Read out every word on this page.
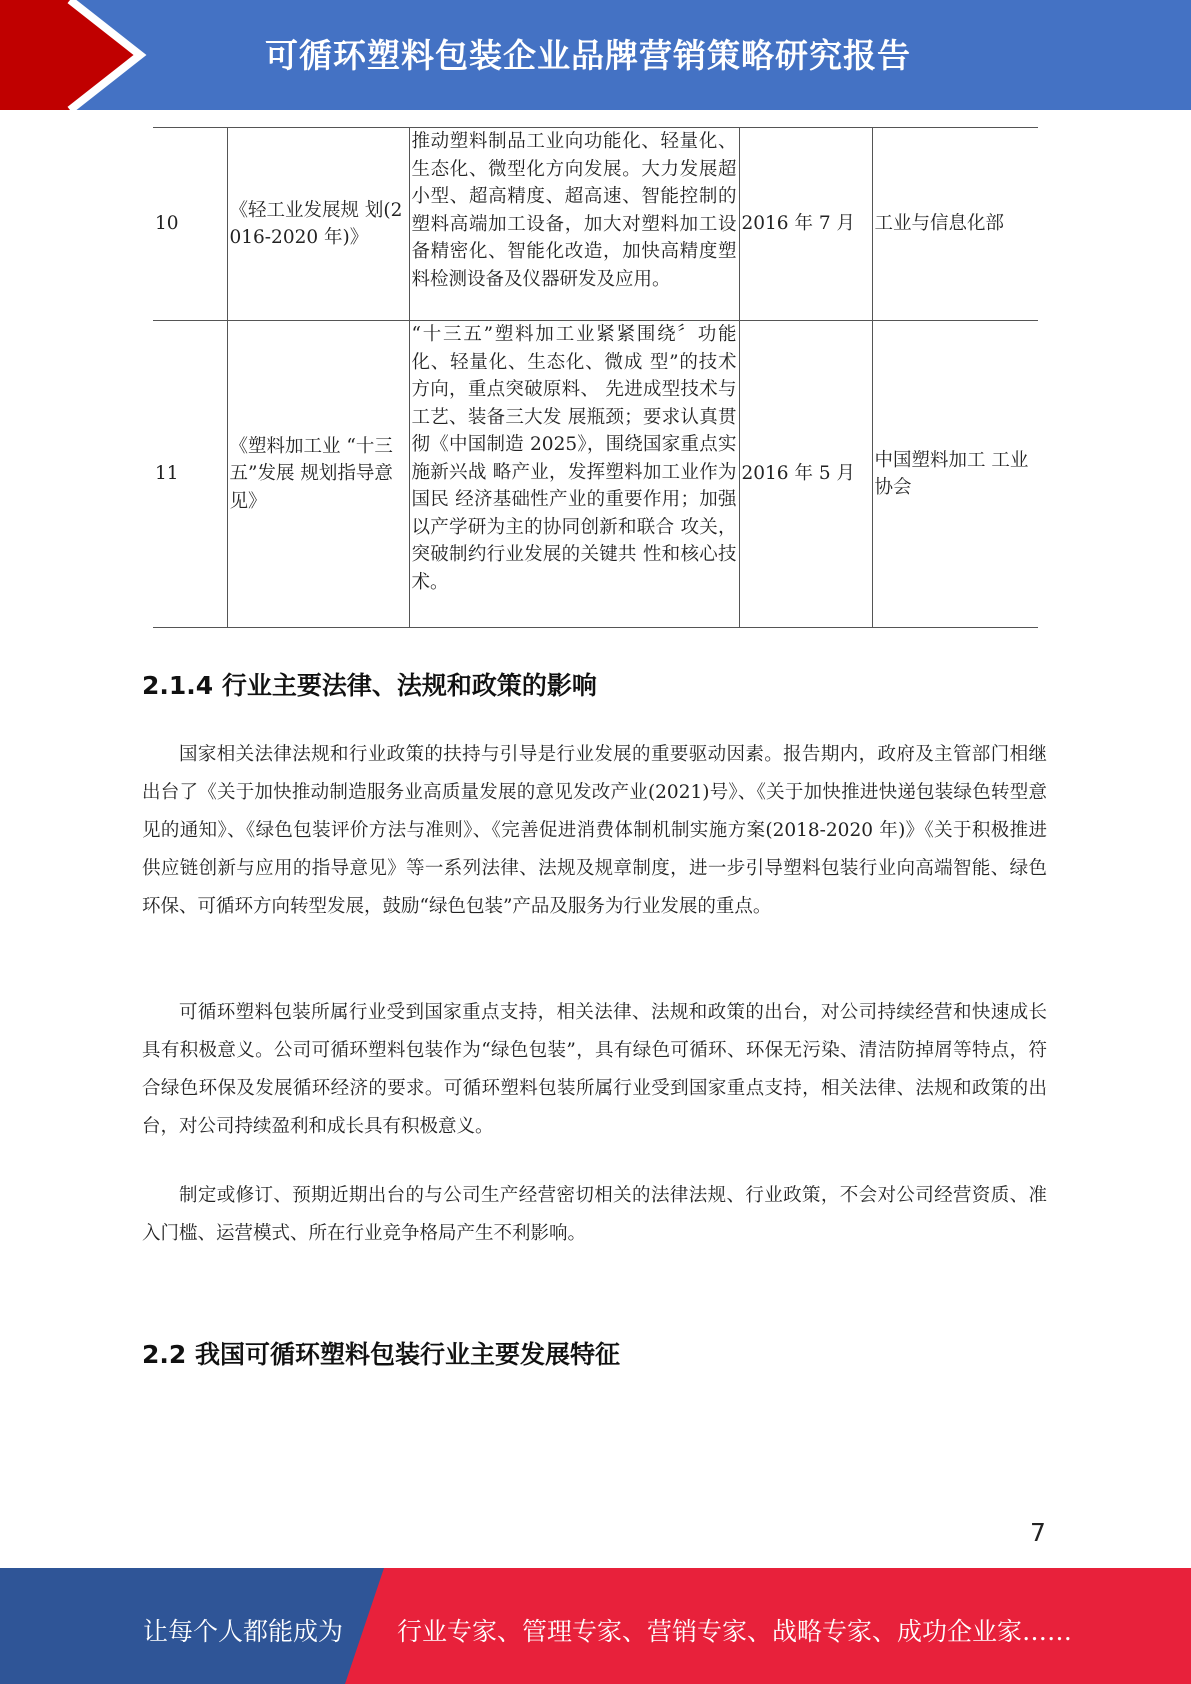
可循环塑料包装企业品牌营销策略研究报告
10	《轻工业发展规 划(2016-2020 年)》	推动塑料制品工业向功能化、轻量化、生态化、微型化方向发展。大力发展超小型、超高精度、超高速、智能控制的塑料高端加工设备，加大对塑料加工设备精密化、智能化改造，加快高精度塑料检测设备及仪器研发及应用。	2016 年 7 月	工业与信息化部
11	《塑料加工业 “十三五”发展 规划指导意见》	“十三五”塑料加工业紧紧围绕〞功能化、轻量化、生态化、微成 型”的技术方向，重点突破原料、 先进成型技术与工艺、装备三大发 展瓶颈；要求认真贯彻《中国制造 2025》，围绕国家重点实施新兴战 略产业，发挥塑料加工业作为国民 经济基础性产业的重要作用；加强 以产学研为主的协同创新和联合 攻关，突破制约行业发展的关键共 性和核心技术。	2016 年 5 月	中国塑料加工 工业协会
2.1.4 行业主要法律、法规和政策的影响

国家相关法律法规和行业政策的扶持与引导是行业发展的重要驱动因素。报告期内，政府及主管部门相继出台了《关于加快推动制造服务业高质量发展的意见发改产业(2021)号》、《关于加快推进快递包装绿色转型意见的通知》、《绿色包装评价方法与准则》、《完善促进消费体制机制实施方案(2018-2020 年)》《关于积极推进供应链创新与应用的指导意见》等一系列法律、法规及规章制度，进一步引导塑料包装行业向高端智能、绿色环保、可循环方向转型发展，鼓励“绿色包装”产品及服务为行业发展的重点。

可循环塑料包装所属行业受到国家重点支持，相关法律、法规和政策的出台，对公司持续经营和快速成长具有积极意义。公司可循环塑料包装作为“绿色包装”，具有绿色可循环、环保无污染、清洁防掉屑等特点，符合绿色环保及发展循环经济的要求。可循环塑料包装所属行业受到国家重点支持，相关法律、法规和政策的出台，对公司持续盈利和成长具有积极意义。

制定或修订、预期近期出台的与公司生产经营密切相关的法律法规、行业政策，不会对公司经营资质、准入门槛、运营模式、所在行业竞争格局产生不利影响。

2.2 我国可循环塑料包装行业主要发展特征
7
让每个人都能成为 行业专家、管理专家、营销专家、战略专家、成功企业家……
